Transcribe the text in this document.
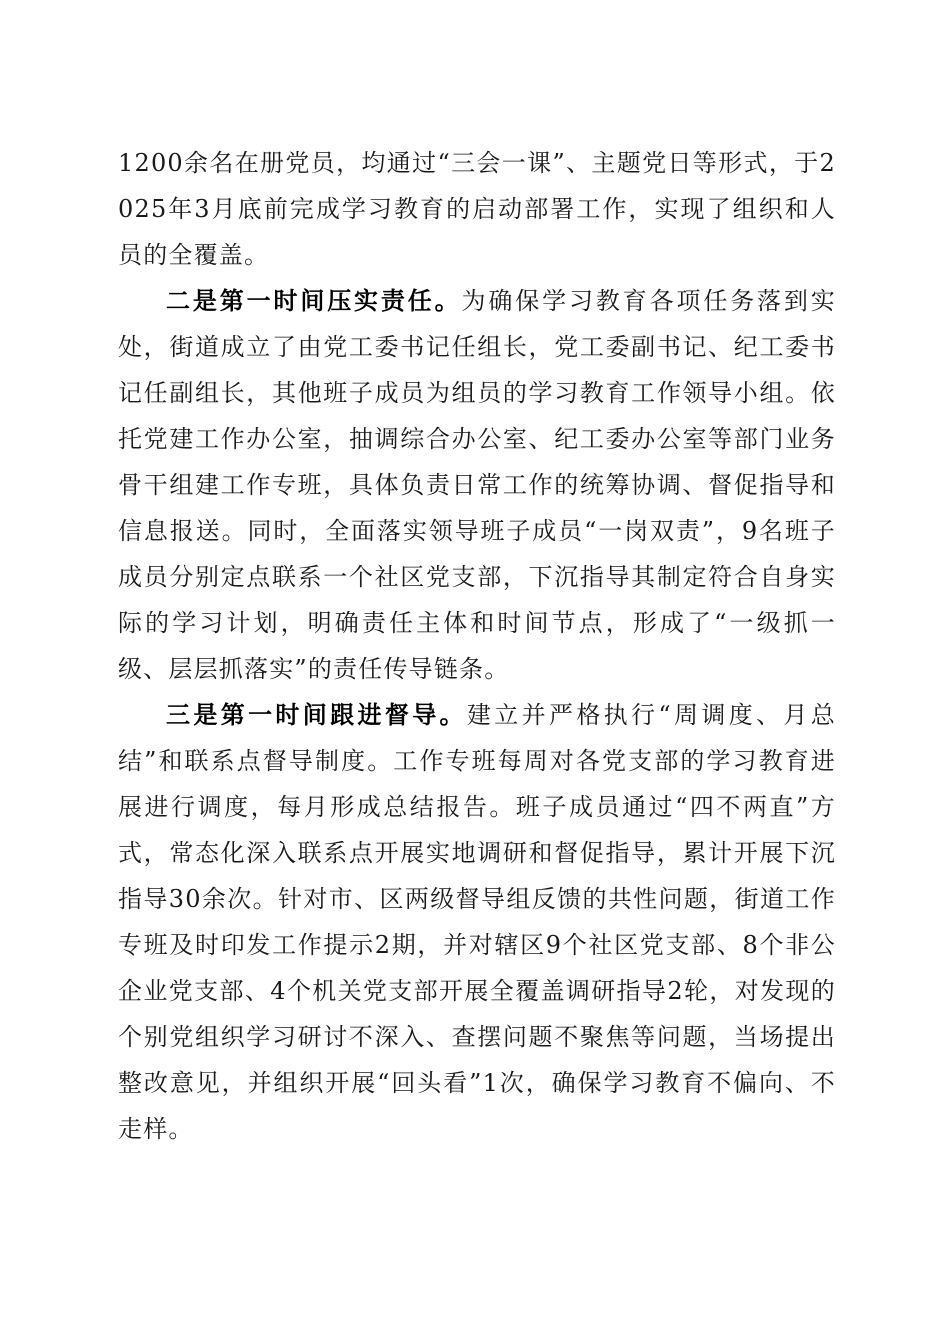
1200余名在册党员，均通过“三会一课”、主题党日等形式，于2025年3月底前完成学习教育的启动部署工作，实现了组织和人员的全覆盖。

二是第一时间压实责任。为确保学习教育各项任务落到实处，街道成立了由党工委书记任组长，党工委副书记、纪工委书记任副组长，其他班子成员为组员的学习教育工作领导小组。依托党建工作办公室，抽调综合办公室、纪工委办公室等部门业务骨干组建工作专班，具体负责日常工作的统筹协调、督促指导和信息报送。同时，全面落实领导班子成员“一岗双责”，9名班子成员分别定点联系一个社区党支部，下沉指导其制定符合自身实际的学习计划，明确责任主体和时间节点，形成了“一级抓一级、层层抓落实”的责任传导链条。

三是第一时间跟进督导。建立并严格执行“周调度、月总结”和联系点督导制度。工作专班每周对各党支部的学习教育进展进行调度，每月形成总结报告。班子成员通过“四不两直”方式，常态化深入联系点开展实地调研和督促指导，累计开展下沉指导30余次。针对市、区两级督导组反馈的共性问题，街道工作专班及时印发工作提示2期，并对辖区9个社区党支部、8个非公企业党支部、4个机关党支部开展全覆盖调研指导2轮，对发现的个别党组织学习研讨不深入、查摆问题不聚焦等问题，当场提出整改意见，并组织开展“回头看”1次，确保学习教育不偏向、不走样。
